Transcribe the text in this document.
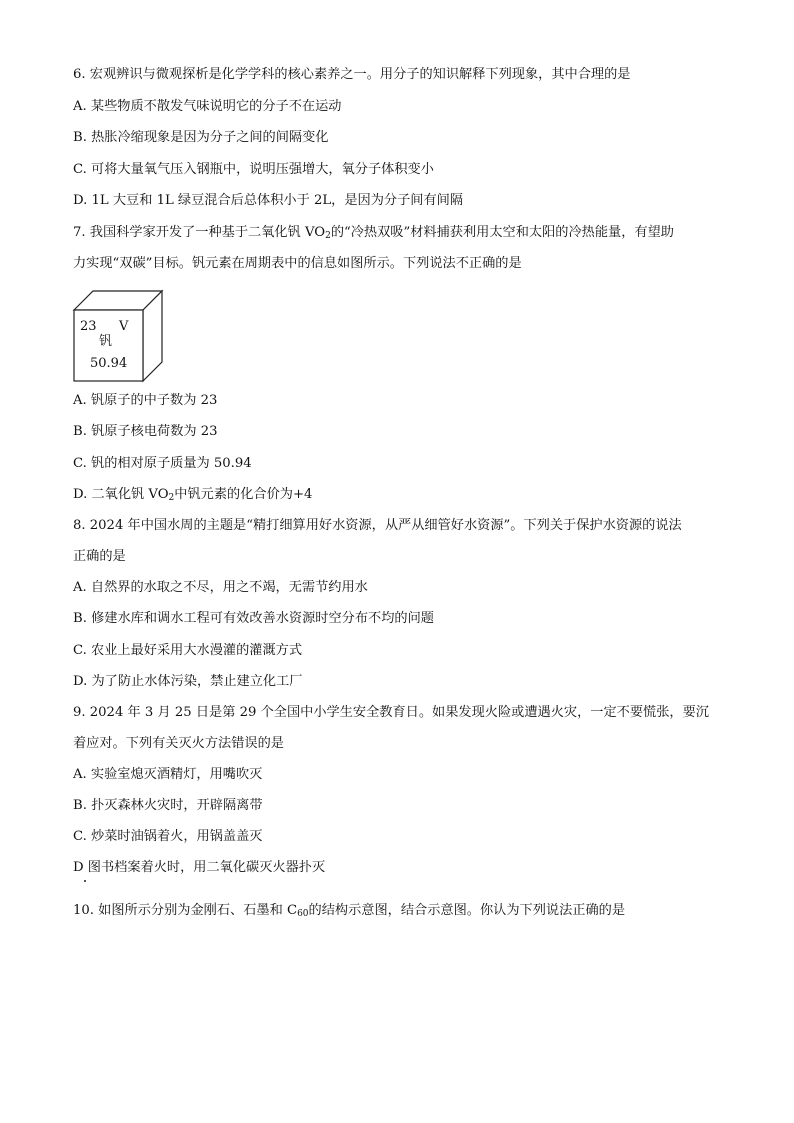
6. 宏观辨识与微观探析是化学学科的核心素养之一。用分子的知识解释下列现象，其中合理的是
A. 某些物质不散发气味说明它的分子不在运动
B. 热胀冷缩现象是因为分子之间的间隔变化
C. 可将大量氧气压入钢瓶中，说明压强增大，氧分子体积变小
D. 1L 大豆和 1L 绿豆混合后总体积小于 2L，是因为分子间有间隔
7. 我国科学家开发了一种基于二氧化钒 $VO_2$的“冷热双吸”材料捕获利用太空和太阳的冷热能量，有望助
力实现“双碳”目标。钒元素在周期表中的信息如图所示。下列说法不正确的是
23 V
钒
50.94
A. 钒原子的中子数为 23
B. 钒原子核电荷数为 23
C. 钒的相对原子质量为 50.94
D. 二氧化钒 $VO_2$中钒元素的化合价为+4
8. 2024 年中国水周的主题是“精打细算用好水资源，从严从细管好水资源”。下列关于保护水资源的说法
正确的是
A. 自然界的水取之不尽，用之不竭，无需节约用水
B. 修建水库和调水工程可有效改善水资源时空分布不均的问题
C. 农业上最好采用大水漫灌的灌溉方式
D. 为了防止水体污染，禁止建立化工厂
9. 2024 年 3 月 25 日是第 29 个全国中小学生安全教育日。如果发现火险或遭遇火灾，一定不要慌张，要沉
着应对。下列有关灭火方法错误的是
A. 实验室熄灭酒精灯，用嘴吹灭
B. 扑灭森林火灾时，开辟隔离带
C. 炒菜时油锅着火，用锅盖盖灭
D 图书档案着火时，用二氧化碳灭火器扑灭
10. 如图所示分别为金刚石、石墨和 $C_{60}$的结构示意图，结合示意图。你认为下列说法正确的是
